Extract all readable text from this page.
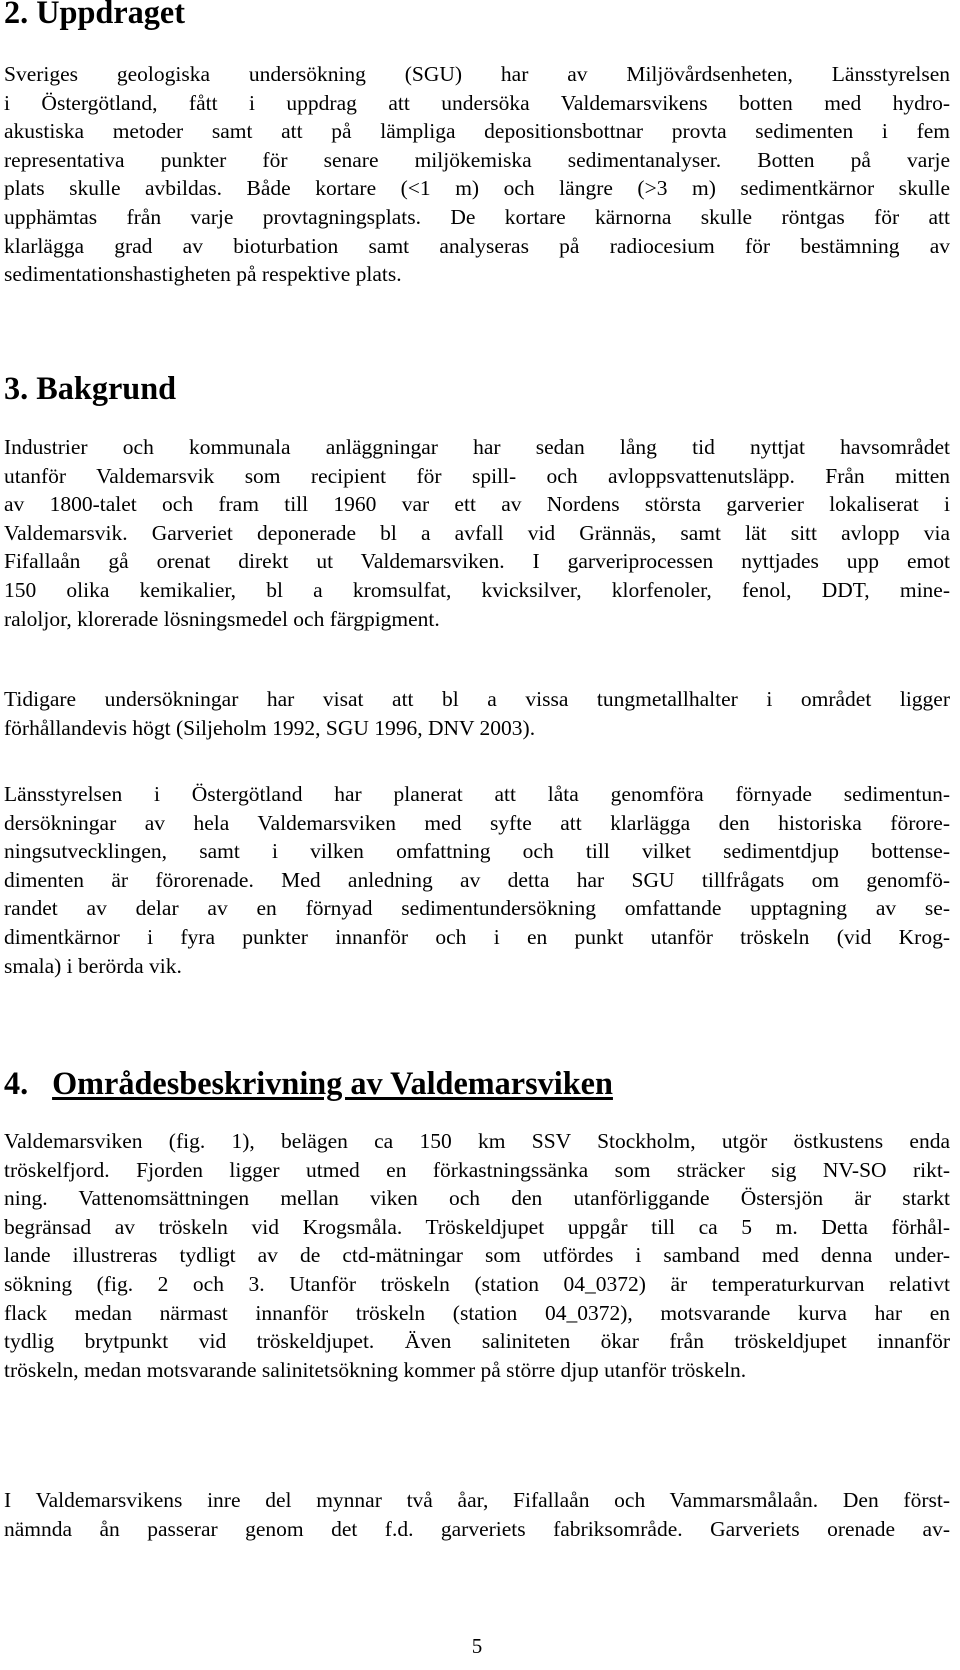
2. Uppdraget

Sveriges geologiska undersökning (SGU) har av Miljövårdsenheten, Länsstyrelsen
i Östergötland, fått i uppdrag att undersöka Valdemarsvikens botten med hydro-
akustiska metoder samt att på lämpliga depositionsbottnar provta sedimenten i fem
representativa punkter för senare miljökemiska sedimentanalyser. Botten på varje
plats skulle avbildas. Både kortare (<1 m) och längre (>3 m) sedimentkärnor skulle
upphämtas från varje provtagningsplats. De kortare kärnorna skulle röntgas för att
klarlägga grad av bioturbation samt analyseras på radiocesium för bestämning av
sedimentationshastigheten på respektive plats.

3. Bakgrund

Industrier och kommunala anläggningar har sedan lång tid nyttjat havsområdet
utanför Valdemarsvik som recipient för spill- och avloppsvattenutsläpp. Från mitten
av 1800-talet och fram till 1960 var ett av Nordens största garverier lokaliserat i
Valdemarsvik. Garveriet deponerade bl a avfall vid Grännäs, samt lät sitt avlopp via
Fifallaån gå orenat direkt ut Valdemarsviken. I garveriprocessen nyttjades upp emot
150 olika kemikalier, bl a kromsulfat, kvicksilver, klorfenoler, fenol, DDT, mine-
raloljor, klorerade lösningsmedel och färgpigment.

Tidigare undersökningar har visat att bl a vissa tungmetallhalter i området ligger
förhållandevis högt (Siljeholm 1992, SGU 1996, DNV 2003).

Länsstyrelsen i Östergötland har planerat att låta genomföra förnyade sedimentun-
dersökningar av hela Valdemarsviken med syfte att klarlägga den historiska förore-
ningsutvecklingen, samt i vilken omfattning och till vilket sedimentdjup bottense-
dimenten är förorenade. Med anledning av detta har SGU tillfrågats om genomfö-
randet av delar av en förnyad sedimentundersökning omfattande upptagning av se-
dimentkärnor i fyra punkter innanför och i en punkt utanför tröskeln (vid Krog-
smala) i berörda vik.

4. Områdesbeskrivning av Valdemarsviken

Valdemarsviken (fig. 1), belägen ca 150 km SSV Stockholm, utgör östkustens enda
tröskelfjord. Fjorden ligger utmed en förkastningssänka som sträcker sig NV-SO rikt-
ning. Vattenomsättningen mellan viken och den utanförliggande Östersjön är starkt
begränsad av tröskeln vid Krogsmåla. Tröskeldjupet uppgår till ca 5 m. Detta förhål-
lande illustreras tydligt av de ctd-mätningar som utfördes i samband med denna under-
sökning (fig. 2 och 3. Utanför tröskeln (station 04_0372) är temperaturkurvan relativt
flack medan närmast innanför tröskeln (station 04_0372), motsvarande kurva har en
tydlig brytpunkt vid tröskeldjupet. Även saliniteten ökar från tröskeldjupet innanför
tröskeln, medan motsvarande salinitetsökning kommer på större djup utanför tröskeln.

I Valdemarsvikens inre del mynnar två åar, Fifallaån och Vammarsmålaån. Den först-
nämnda ån passerar genom det f.d. garveriets fabriksområde. Garveriets orenade av-

5
